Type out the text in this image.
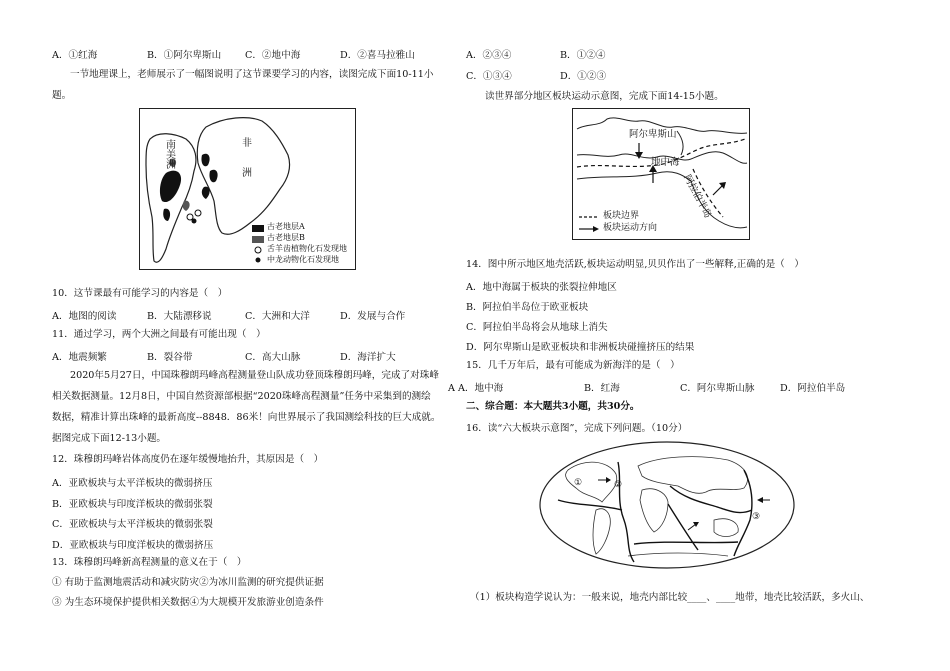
A．①红海	B．①阿尔卑斯山 C．②地中海	D．②喜马拉雅山
一节地理课上，老师展示了一幅图说明了这节课要学习的内容，读图完成下面10-11小
题。
南美洲	非洲
古老地层A
古老地层B
舌羊齿植物化石发现地
中龙动物化石发现地
10．这节课最有可能学习的内容是（　）
A．地图的阅读	B．大陆漂移说	C．大洲和大洋	D．发展与合作
11．通过学习，两个大洲之间最有可能出现（　）
A．地震频繁	B．裂谷带	C．高大山脉	D．海洋扩大
2020年5月27日，中国珠穆朗玛峰高程测量登山队成功登顶珠穆朗玛峰，完成了对珠峰
相关数据测量。12月8日，中国自然资源部根据“2020珠峰高程测量”任务中采集到的测绘
数据，精准计算出珠峰的最新高度--8848．86米！向世界展示了我国测绘科技的巨大成就。
据图完成下面12-13小题。
12．珠穆朗玛峰岩体高度仍在逐年缓慢地抬升，其原因是（　）
A．亚欧板块与太平洋板块的微弱挤压
B．亚欧板块与印度洋板块的微弱张裂
C．亚欧板块与太平洋板块的微弱张裂
D．亚欧板块与印度洋板块的微弱挤压
13．珠穆朗玛峰新高程测量的意义在于（　）
① 有助于监测地震活动和减灾防灾②为冰川监测的研究提供证据
③ 为生态环境保护提供相关数据④为大规模开发旅游业创造条件
A．②③④	B．①②④
C．①③④	D．①②③
读世界部分地区板块运动示意图，完成下面14-15小题。
阿尔卑斯山
地中海
阿拉伯半岛
板块边界
板块运动方向
14．图中所示地区地壳活跃,板块运动明显,贝贝作出了一些解释,正确的是（　）
A．地中海属于板块的张裂拉伸地区
B．阿拉伯半岛位于欧亚板块
C．阿拉伯半岛将会从地球上消失
D．阿尔卑斯山是欧亚板块和非洲板块碰撞挤压的结果
15．几千万年后，最有可能成为新海洋的是（　）
A A．地中海	B．红海	C．阿尔卑斯山脉	D．阿拉伯半岛
二、综合题：本大题共3小题，共30分。
16．读“六大板块示意图”，完成下列问题。（10分）
①	②
③
（1）板块构造学说认为：一般来说，地壳内部比较____、____地带，地壳比较活跃，多火山、
